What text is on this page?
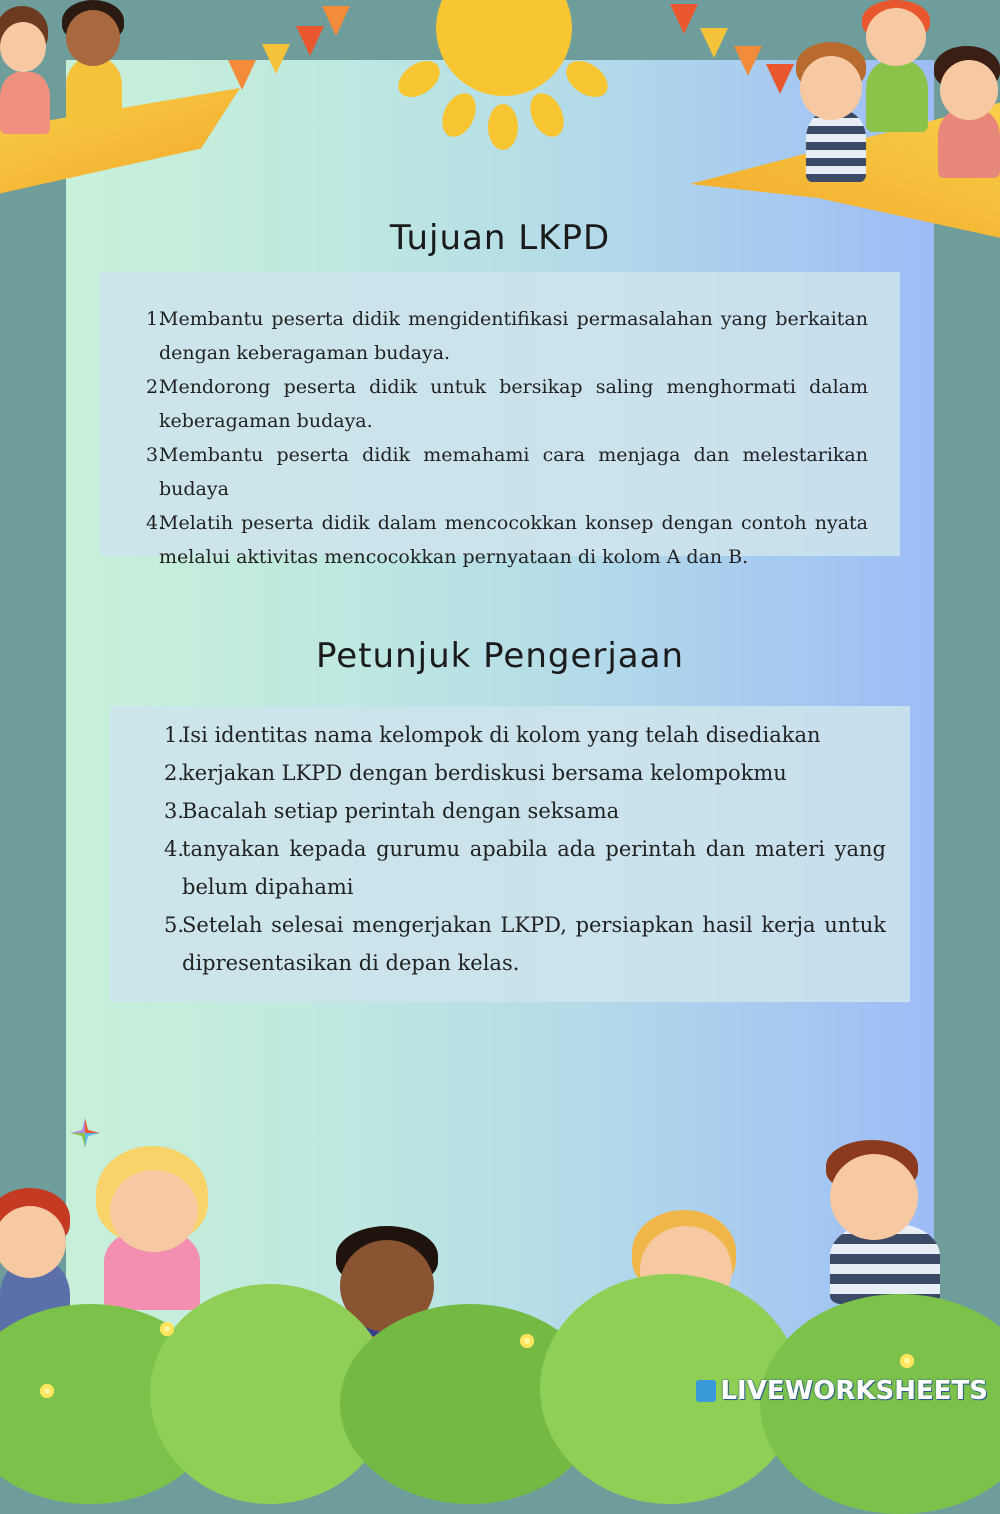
Tujuan LKPD
1.
Membantu peserta didik mengidentifikasi permasalahan yang berkaitan dengan keberagaman budaya.
2.
Mendorong peserta didik untuk bersikap saling menghormati dalam keberagaman budaya.
3.
Membantu peserta didik memahami cara menjaga dan melestarikan budaya
4.
Melatih peserta didik dalam mencocokkan konsep dengan contoh nyata melalui aktivitas mencocokkan pernyataan di kolom A dan B.
Petunjuk Pengerjaan
1.
Isi identitas nama kelompok di kolom yang telah disediakan
2.
kerjakan LKPD dengan berdiskusi bersama kelompokmu
3.
Bacalah setiap perintah dengan seksama
4.
tanyakan kepada gurumu apabila ada perintah dan materi yang belum dipahami
5.
Setelah selesai mengerjakan LKPD, persiapkan hasil kerja untuk dipresentasikan di depan kelas.
LIVEWORKSHEETS
